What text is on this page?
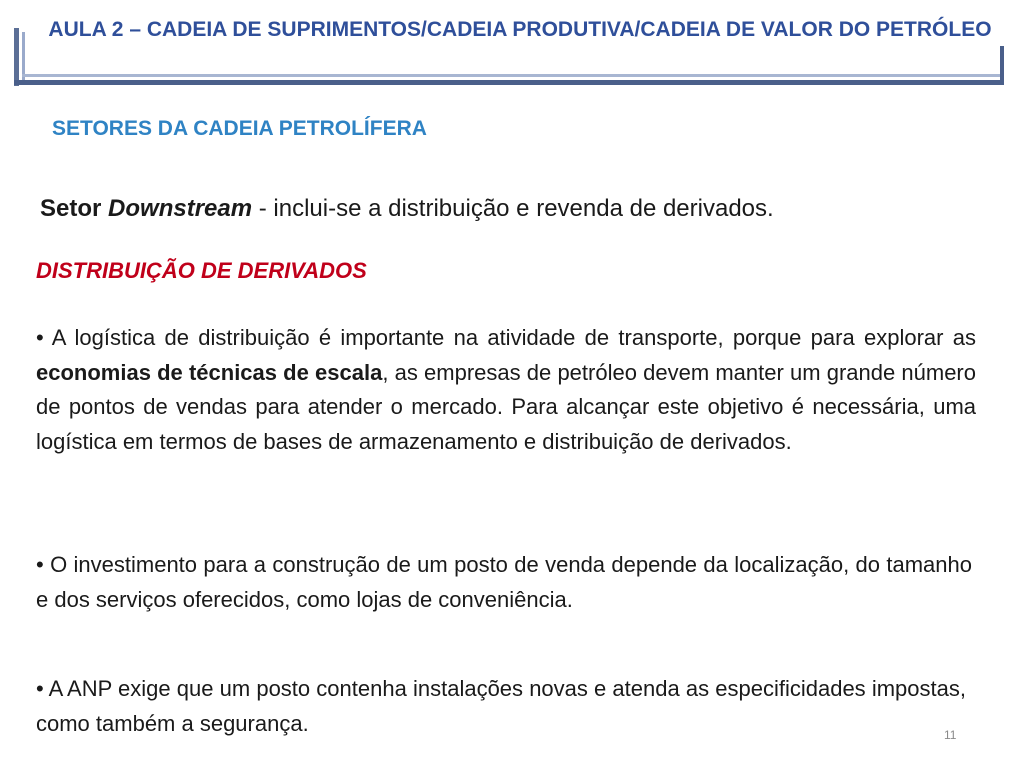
AULA 2 – CADEIA DE SUPRIMENTOS/CADEIA PRODUTIVA/CADEIA DE VALOR DO PETRÓLEO
SETORES DA CADEIA PETROLÍFERA
Setor Downstream - inclui-se a distribuição e revenda de derivados.
DISTRIBUIÇÃO DE DERIVADOS
• A logística de distribuição é importante na atividade de transporte, porque para explorar as economias de técnicas de escala, as empresas de petróleo devem manter um grande número de pontos de vendas para atender o mercado. Para alcançar este objetivo é necessária, uma logística em termos de bases de armazenamento e distribuição de derivados.
• O investimento para a construção de um posto de venda depende da localização, do tamanho e dos serviços oferecidos, como lojas de conveniência.
• A ANP exige que um posto contenha instalações novas e atenda as especificidades impostas, como também a segurança.	11
